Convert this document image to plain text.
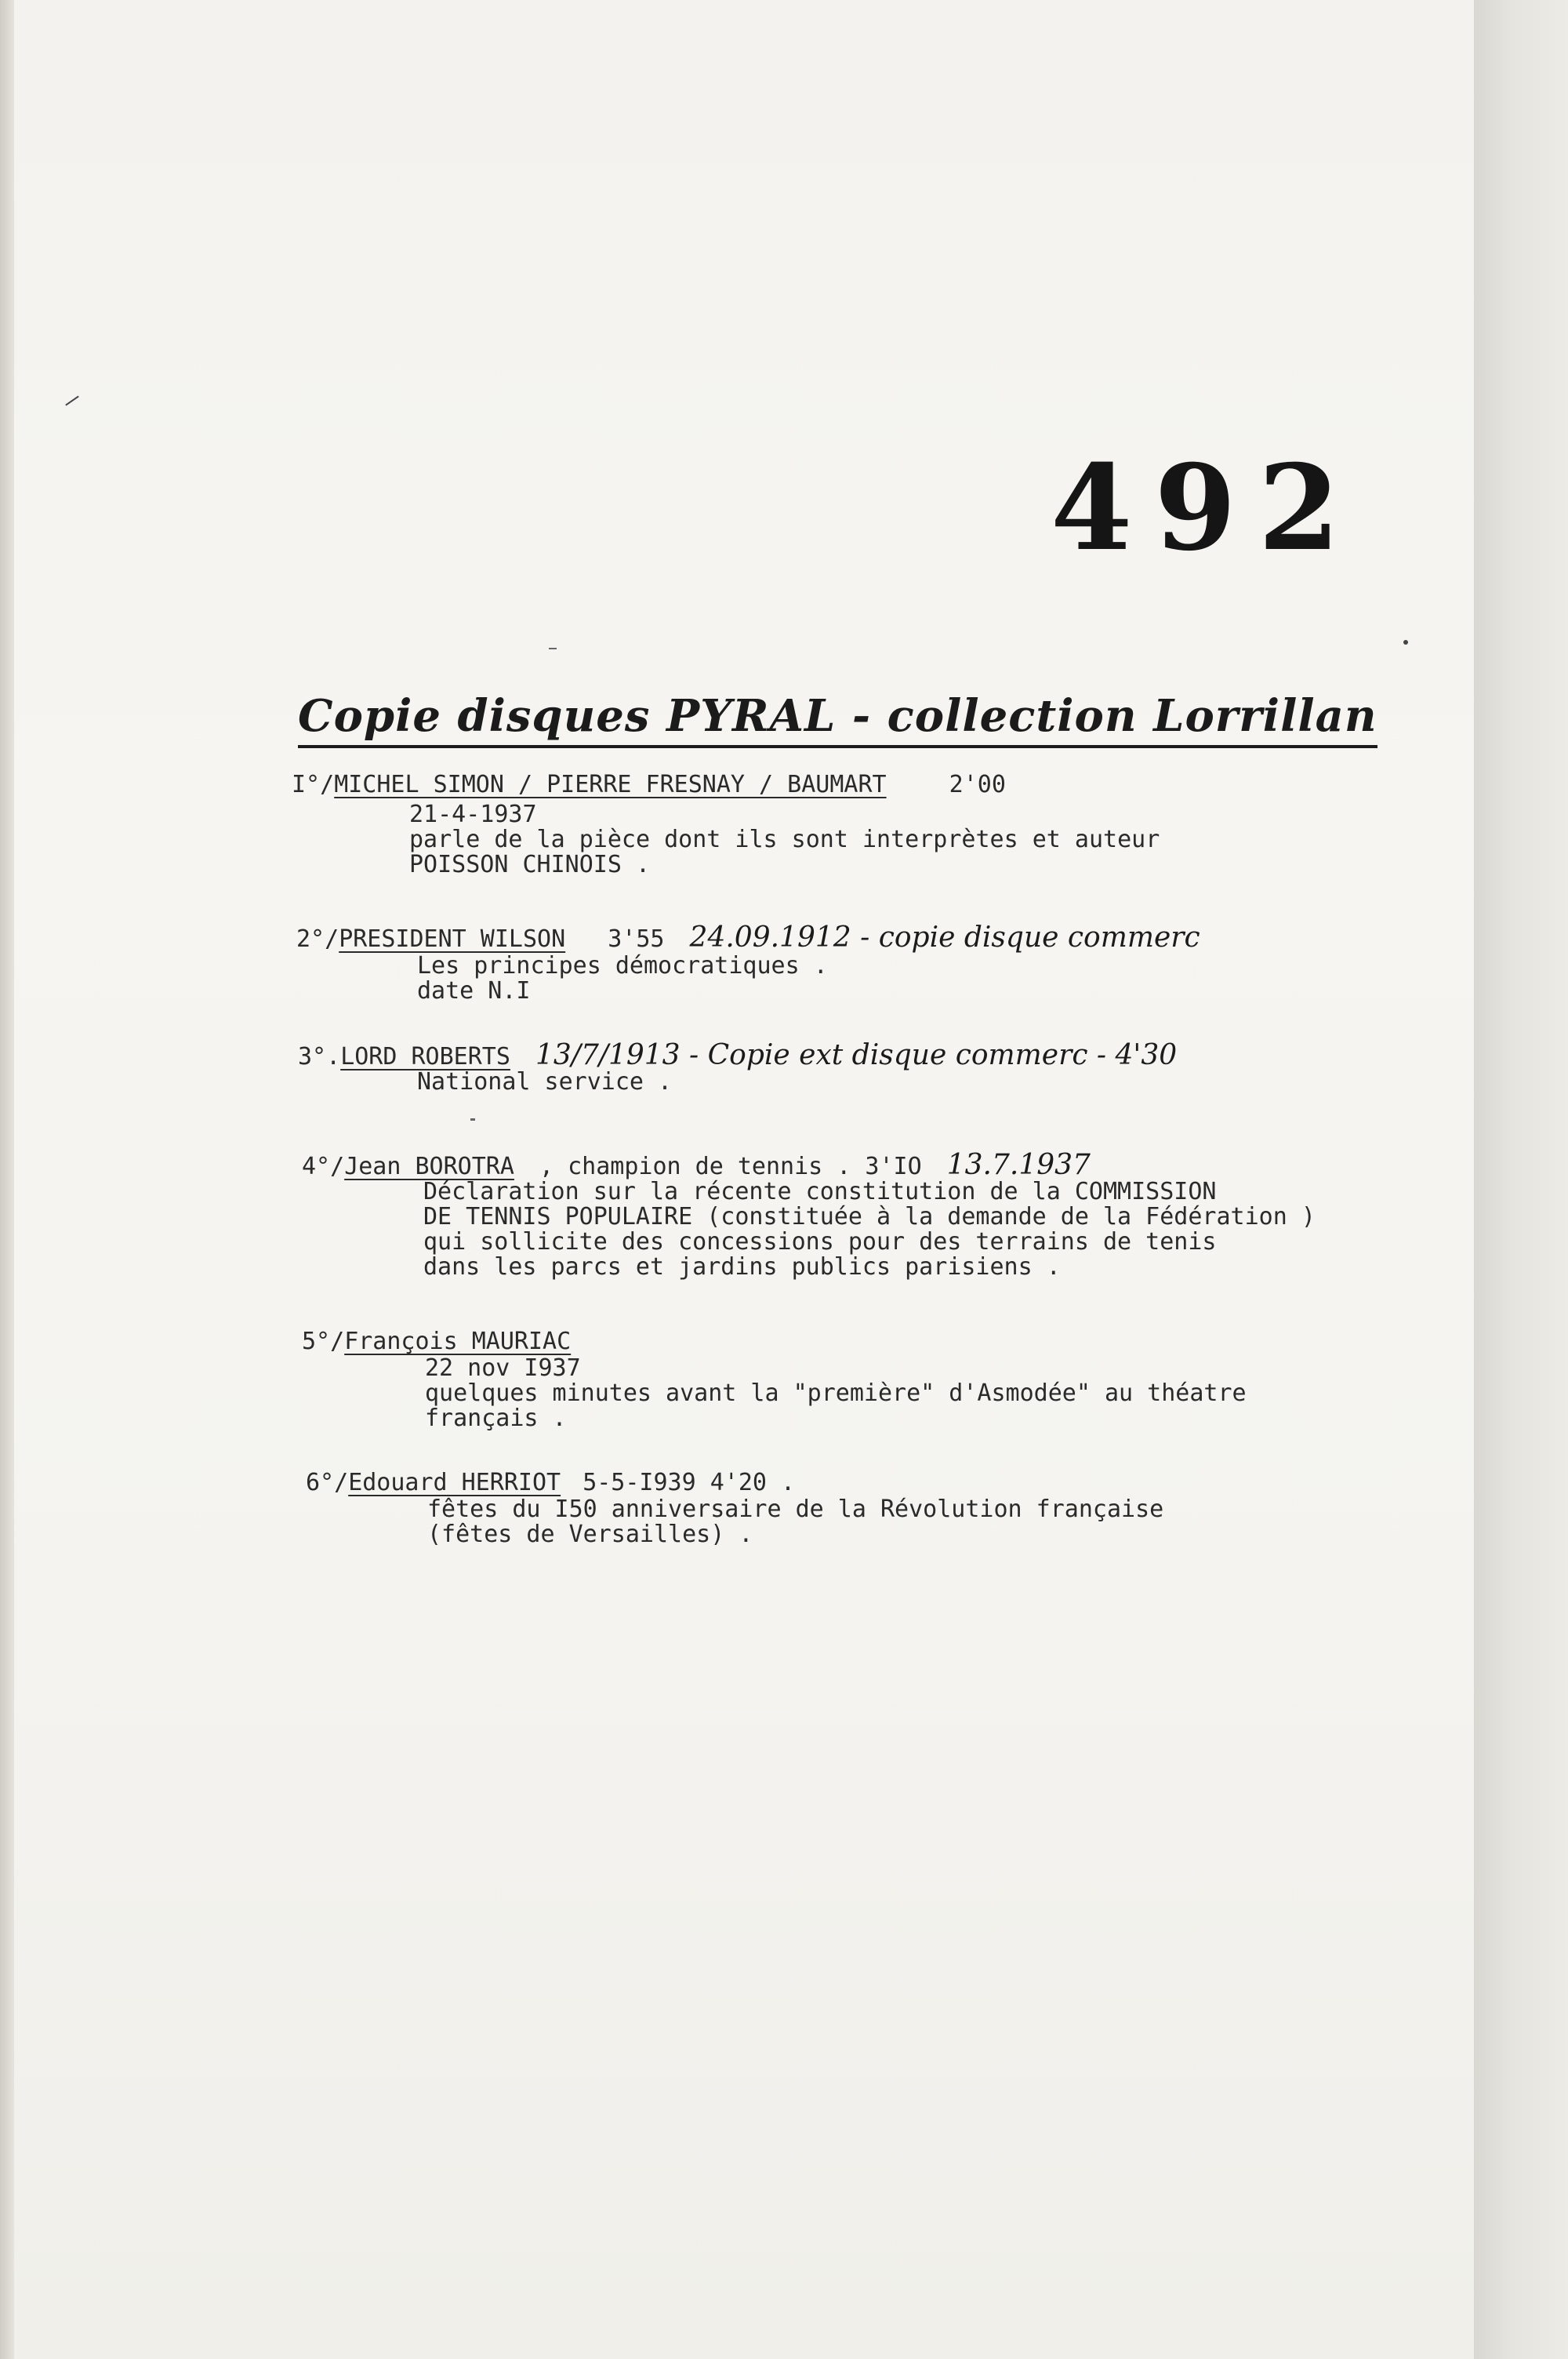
492
Copie disques PYRAL - collection Lorrillan
I°/MICHEL SIMON / PIERRE FRESNAY / BAUMART	2'00
21-4-1937
parle de la pièce dont ils sont interprètes et auteur
POISSON CHINOIS .
2°/PRESIDENT WILSON 3'55 24.09.1912 - copie disque commerc
Les principes démocratiques .
date N.I
3°.LORD ROBERTS 13/7/1913 - Copie ext disque commerc - 4'30
National service .
4°/Jean BOROTRA , champion de tennis . 3'IO 13.7.1937
Déclaration sur la récente constitution de la COMMISSION
DE TENNIS POPULAIRE (constituée à la demande de la Fédération )
qui sollicite des concessions pour des terrains de tenis
dans les parcs et jardins publics parisiens .
5°/François MAURIAC
22 nov I937
quelques minutes avant la "première" d'Asmodée" au théatre
français .
6°/Edouard HERRIOT 5-5-I939 4'20 .
fêtes du I50 anniversaire de la Révolution française
(fêtes de Versailles) .
